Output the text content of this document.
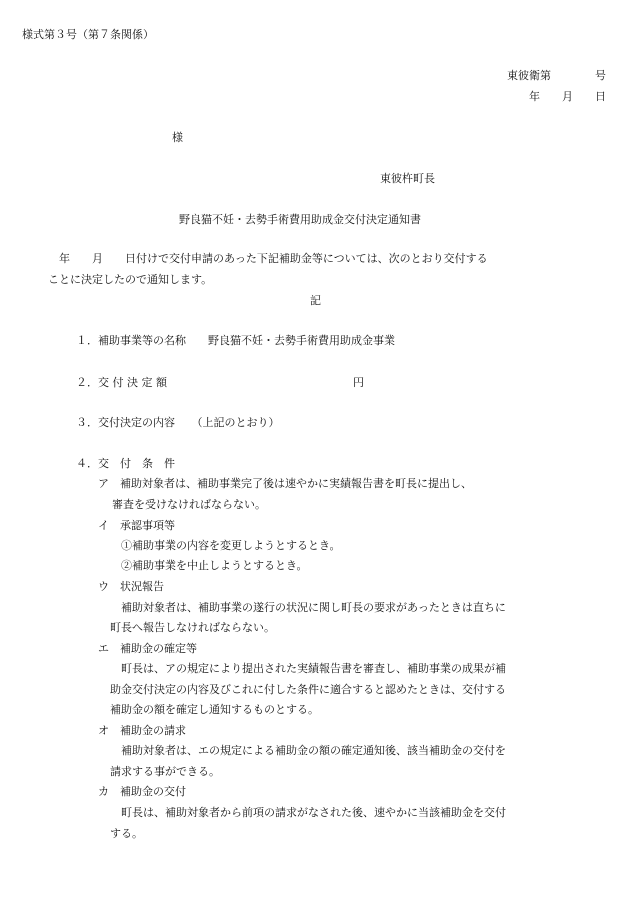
様式第３号（第７条関係）
東彼衛第　　　　号
年　　月　　日
様
東彼杵町長
野良猫不妊・去勢手術費用助成金交付決定通知書
　年　　月　　日付けで交付申請のあった下記補助金等については、次のとおり交付する
ことに決定したので通知します。
記
１．補助事業等の名称　　野良猫不妊・去勢手術費用助成金事業
２．交 付 決 定 額	円
３．交付決定の内容　　（上記のとおり）
４．交　付　条　件
ア　補助対象者は、補助事業完了後は速やかに実績報告書を町長に提出し、
審査を受けなければならない。
イ　承認事項等
①補助事業の内容を変更しようとするとき。
②補助事業を中止しようとするとき。
ウ　状況報告
補助対象者は、補助事業の遂行の状況に関し町長の要求があったときは直ちに
町長へ報告しなければならない。
エ　補助金の確定等
町長は、アの規定により提出された実績報告書を審査し、補助事業の成果が補
助金交付決定の内容及びこれに付した条件に適合すると認めたときは、交付する
補助金の額を確定し通知するものとする。
オ　補助金の請求
補助対象者は、エの規定による補助金の額の確定通知後、該当補助金の交付を
請求する事ができる。
カ　補助金の交付
町長は、補助対象者から前項の請求がなされた後、速やかに当該補助金を交付
する。
